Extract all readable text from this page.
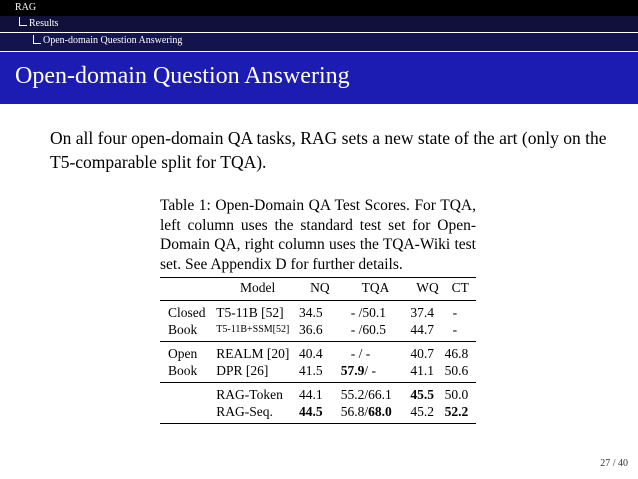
RAG
Results
Open-domain Question Answering
Open-domain Question Answering
On all four open-domain QA tasks, RAG sets a new state of the art (only on the T5-comparable split for TQA).
Table 1: Open-Domain QA Test Scores. For TQA, left column uses the standard test set for Open-Domain QA, right column uses the TQA-Wiki test set. See Appendix D for further details.
	Model	NQ	TQA	WQ	CT
Closed	T5-11B [52]	34.5	- /50.1	37.4	-
Book	T5-11B+SSM[52]	36.6	- /60.5	44.7	-
Open	REALM [20]	40.4	- / -	40.7	46.8
Book	DPR [26]	41.5	57.9/ -	41.1	50.6
	RAG-Token	44.1	55.2/66.1	45.5	50.0
	RAG-Seq.	44.5	56.8/68.0	45.2	52.2
27 / 40
